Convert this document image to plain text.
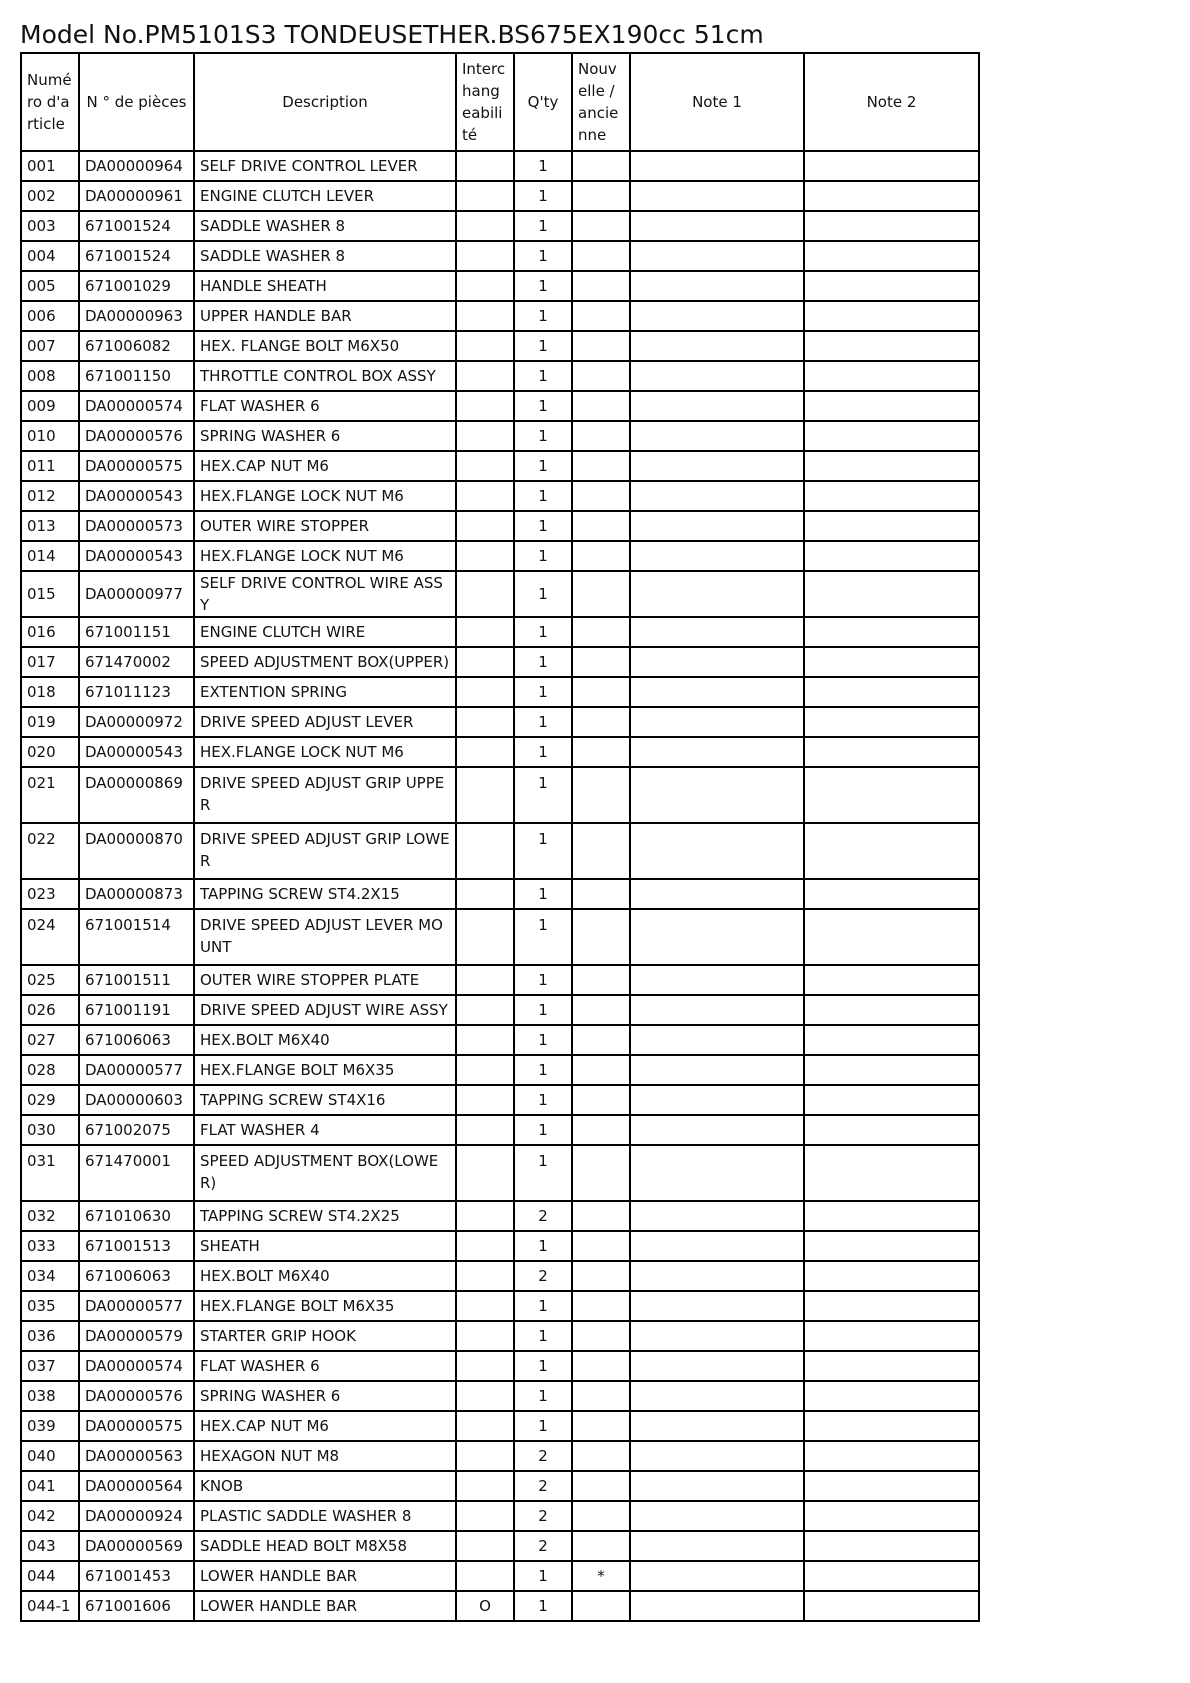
Model No.PM5101S3 TONDEUSETHER.BS675EX190cc 51cm
Numéro d'article	N ° de pièces	Description	Interchangeabilité	Q'ty	Nouvelle / ancienne	Note 1	Note 2
001	DA00000964	SELF DRIVE CONTROL LEVER		1			
002	DA00000961	ENGINE CLUTCH LEVER		1			
003	671001524	SADDLE WASHER 8		1			
004	671001524	SADDLE WASHER 8		1			
005	671001029	HANDLE SHEATH		1			
006	DA00000963	UPPER HANDLE BAR		1			
007	671006082	HEX. FLANGE BOLT M6X50		1			
008	671001150	THROTTLE CONTROL BOX ASSY		1			
009	DA00000574	FLAT WASHER 6		1			
010	DA00000576	SPRING WASHER 6		1			
011	DA00000575	HEX.CAP NUT M6		1			
012	DA00000543	HEX.FLANGE LOCK NUT M6		1			
013	DA00000573	OUTER WIRE STOPPER		1			
014	DA00000543	HEX.FLANGE LOCK NUT M6		1			
015	DA00000977	SELF DRIVE CONTROL WIRE ASSY		1			
016	671001151	ENGINE CLUTCH WIRE		1			
017	671470002	SPEED ADJUSTMENT BOX(UPPER)		1			
018	671011123	EXTENTION SPRING		1			
019	DA00000972	DRIVE SPEED ADJUST LEVER		1			
020	DA00000543	HEX.FLANGE LOCK NUT M6		1			
021	DA00000869	DRIVE SPEED ADJUST GRIP UPPER		1			
022	DA00000870	DRIVE SPEED ADJUST GRIP LOWER		1			
023	DA00000873	TAPPING SCREW ST4.2X15		1			
024	671001514	DRIVE SPEED ADJUST LEVER MOUNT		1			
025	671001511	OUTER WIRE STOPPER PLATE		1			
026	671001191	DRIVE SPEED ADJUST WIRE ASSY		1			
027	671006063	HEX.BOLT M6X40		1			
028	DA00000577	HEX.FLANGE BOLT M6X35		1			
029	DA00000603	TAPPING SCREW ST4X16		1			
030	671002075	FLAT WASHER 4		1			
031	671470001	SPEED ADJUSTMENT BOX(LOWER)		1			
032	671010630	TAPPING SCREW ST4.2X25		2			
033	671001513	SHEATH		1			
034	671006063	HEX.BOLT M6X40		2			
035	DA00000577	HEX.FLANGE BOLT M6X35		1			
036	DA00000579	STARTER GRIP HOOK		1			
037	DA00000574	FLAT WASHER 6		1			
038	DA00000576	SPRING WASHER 6		1			
039	DA00000575	HEX.CAP NUT M6		1			
040	DA00000563	HEXAGON NUT M8		2			
041	DA00000564	KNOB		2			
042	DA00000924	PLASTIC SADDLE WASHER 8		2			
043	DA00000569	SADDLE HEAD BOLT M8X58		2			
044	671001453	LOWER HANDLE BAR		1	*		
044-1	671001606	LOWER HANDLE BAR	O	1			
